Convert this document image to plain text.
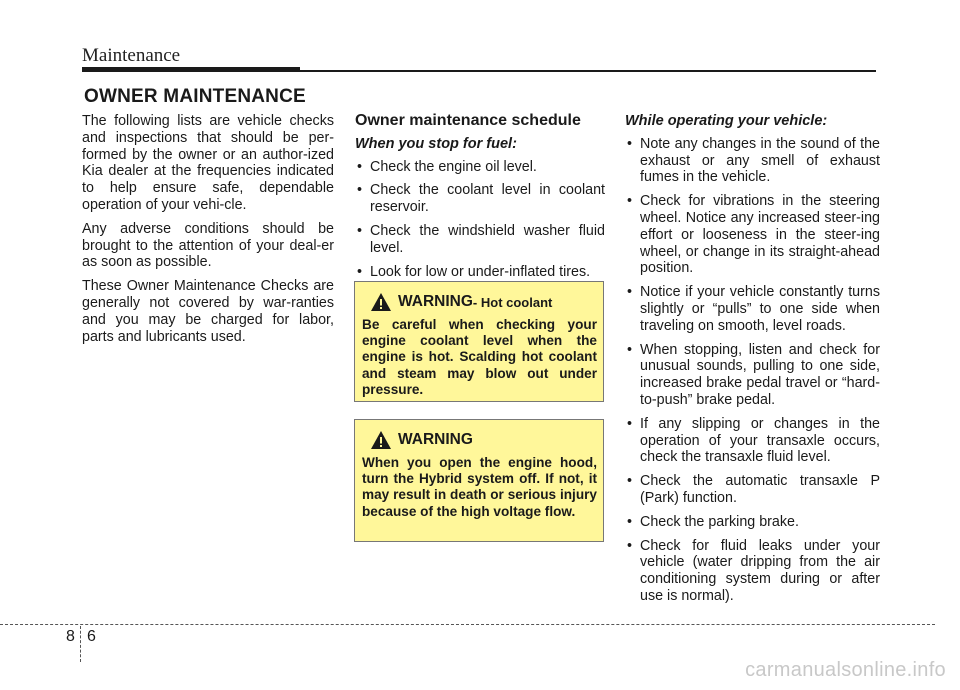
Maintenance
OWNER MAINTENANCE

The following lists are vehicle checks and inspections that should be per-formed by the owner or an author-ized Kia dealer at the frequencies indicated to help ensure safe, dependable operation of your vehi-cle.

Any adverse conditions should be brought to the attention of your deal-er as soon as possible.

These Owner Maintenance Checks are generally not covered by war-ranties and you may be charged for labor, parts and lubricants used.

Owner maintenance schedule
When you stop for fuel:
• Check the engine oil level.
• Check the coolant level in coolant reservoir.
• Check the windshield washer fluid level.
• Look for low or under-inflated tires.
WARNING - Hot coolant

Be careful when checking your engine coolant level when the engine is hot. Scalding hot coolant and steam may blow out under pressure.

WARNING

When you open the engine hood, turn the Hybrid system off. If not, it may result in death or serious injury because of the high voltage flow.

While operating your vehicle:
• Note any changes in the sound of the exhaust or any smell of exhaust fumes in the vehicle.
• Check for vibrations in the steering wheel. Notice any increased steer-ing effort or looseness in the steer-ing wheel, or change in its straight-ahead position.
• Notice if your vehicle constantly turns slightly or “pulls” to one side when traveling on smooth, level roads.
• When stopping, listen and check for unusual sounds, pulling to one side, increased brake pedal travel or “hard-to-push” brake pedal.
• If any slipping or changes in the operation of your transaxle occurs, check the transaxle fluid level.
• Check the automatic transaxle P (Park) function.
• Check the parking brake.
• Check for fluid leaks under your vehicle (water dripping from the air conditioning system during or after use is normal).
8 6
carmanualsonline.info
